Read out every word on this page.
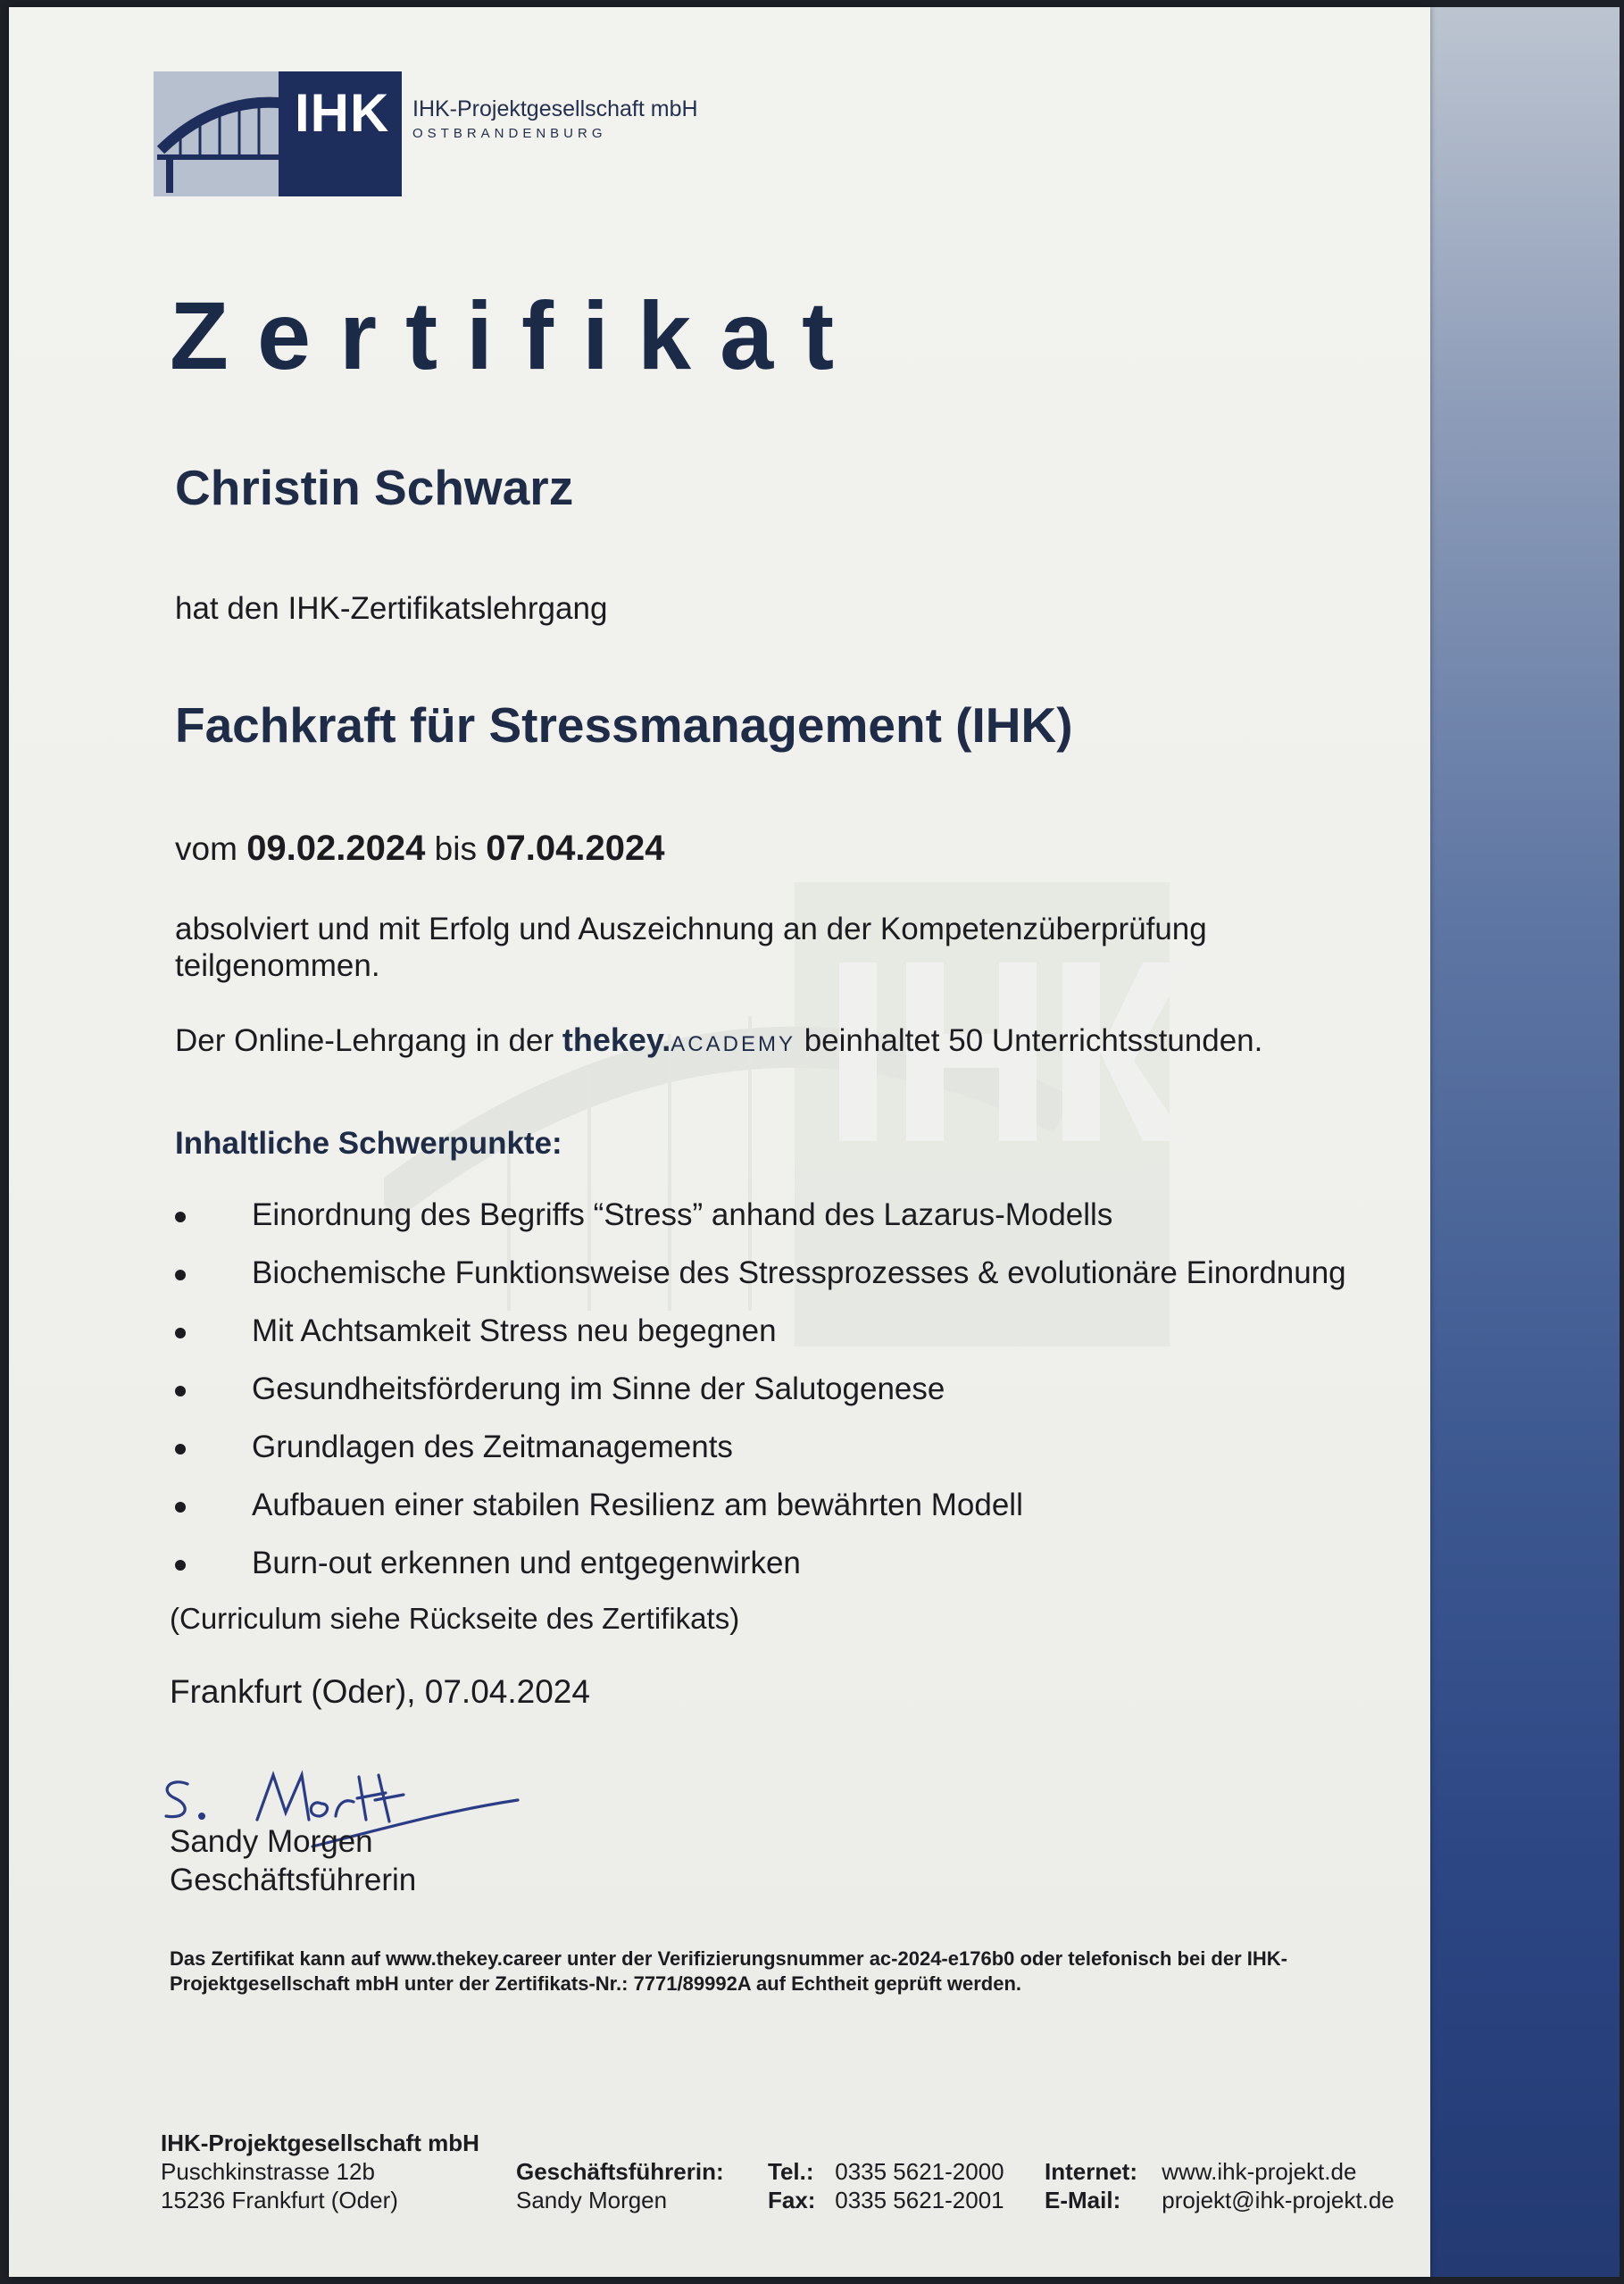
IHK IHK-Projektgesellschaft mbH
OSTBRANDENBURG
Zertifikat
Christin Schwarz
hat den IHK-Zertifikatslehrgang
Fachkraft für Stressmanagement (IHK)
vom 09.02.2024 bis 07.04.2024
absolviert und mit Erfolg und Auszeichnung an der Kompetenzüberprüfung teilgenommen.
Der Online-Lehrgang in der thekey.ACADEMY beinhaltet 50 Unterrichtsstunden.
Inhaltliche Schwerpunkte:
Einordnung des Begriffs “Stress” anhand des Lazarus-Modells
Biochemische Funktionsweise des Stressprozesses & evolutionäre Einordnung
Mit Achtsamkeit Stress neu begegnen
Gesundheitsförderung im Sinne der Salutogenese
Grundlagen des Zeitmanagements
Aufbauen einer stabilen Resilienz am bewährten Modell
Burn-out erkennen und entgegenwirken
(Curriculum siehe Rückseite des Zertifikats)
Frankfurt (Oder), 07.04.2024
Sandy Morgen
Geschäftsführerin
Das Zertifikat kann auf www.thekey.career unter der Verifizierungsnummer ac-2024-e176b0 oder telefonisch bei der IHK-Projektgesellschaft mbH unter der Zertifikats-Nr.: 7771/89992A auf Echtheit geprüft werden.
IHK-Projektgesellschaft mbH
Puschkinstrasse 12b
15236 Frankfurt (Oder)
Geschäftsführerin:
Sandy Morgen
Tel.: 0335 5621-2000
Fax: 0335 5621-2001
Internet: www.ihk-projekt.de
E-Mail: projekt@ihk-projekt.de
